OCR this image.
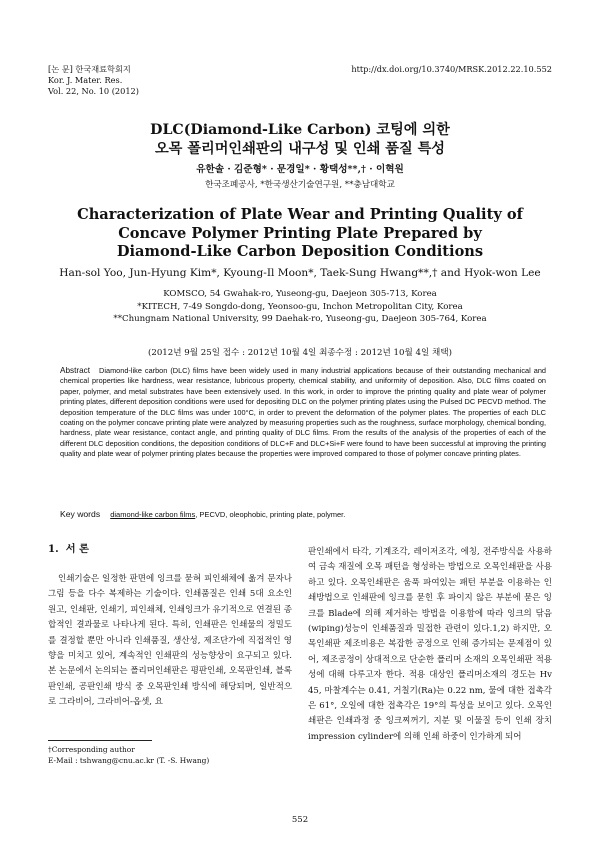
[논 문] 한국재료학회지
Kor. J. Mater. Res.
Vol. 22, No. 10 (2012)
http://dx.doi.org/10.3740/MRSK.2012.22.10.552
DLC(Diamond-Like Carbon) 코팅에 의한
오목 폴리머인쇄판의 내구성 및 인쇄 품질 특성
유한솔 · 김준형* · 문경일* · 황택성**,† · 이혁원
한국조폐공사, *한국생산기술연구원, **충남대학교
Characterization of Plate Wear and Printing Quality of
Concave Polymer Printing Plate Prepared by
Diamond-Like Carbon Deposition Conditions
Han-sol Yoo, Jun-Hyung Kim*, Kyoung-Il Moon*, Taek-Sung Hwang**,† and Hyok-won Lee
KOMSCO, 54 Gwahak-ro, Yuseong-gu, Daejeon 305-713, Korea
*KITECH, 7-49 Songdo-dong, Yeonsoo-gu, Inchon Metropolitan City, Korea
**Chungnam National University, 99 Daehak-ro, Yuseong-gu, Daejeon 305-764, Korea
(2012년 9월 25일 접수 : 2012년 10월 4일 최종수정 : 2012년 10월 4일 채택)
Abstract Diamond-like carbon (DLC) films have been widely used in many industrial applications because of their outstanding mechanical and chemical properties like hardness, wear resistance, lubricous property, chemical stability, and uniformity of deposition. Also, DLC films coated on paper, polymer, and metal substrates have been extensively used. In this work, in order to improve the printing quality and plate wear of polymer printing plates, different deposition conditions were used for depositing DLC on the polymer printing plates using the Pulsed DC PECVD method. The deposition temperature of the DLC films was under 100°C, in order to prevent the deformation of the polymer plates. The properties of each DLC coating on the polymer concave printing plate were analyzed by measuring properties such as the roughness, surface morphology, chemical bonding, hardness, plate wear resistance, contact angle, and printing quality of DLC films. From the results of the analysis of the properties of each of the different DLC deposition conditions, the deposition conditions of DLC+F and DLC+Si+F were found to have been successful at improving the printing quality and plate wear of polymer printing plates because the properties were improved compared to those of polymer concave printing plates.
Key words diamond-like carbon films, PECVD, oleophobic, printing plate, polymer.
1. 서 론

인쇄기술은 일정한 판면에 잉크를 묻혀 피인쇄체에 옮겨 문자나 그림 등을 다수 복제하는 기술이다. 인쇄품질은 인쇄 5대 요소인 원고, 인쇄판, 인쇄기, 피인쇄체, 인쇄잉크가 유기적으로 연결된 종합적인 결과물로 나타나게 된다. 특히, 인쇄판은 인쇄물의 정밀도를 결정할 뿐만 아니라 인쇄품질, 생산성, 제조단가에 직접적인 영향을 미치고 있어, 계속적인 인쇄판의 성능향상이 요구되고 있다. 본 논문에서 논의되는 폴리머인쇄판은 평판인쇄, 오목판인쇄, 블록판인쇄, 공판인쇄 방식 중 오목판인쇄 방식에 해당되며, 일반적으로 그라비어, 그라비어-옵셋, 요

판인쇄에서 타각, 기계조각, 레이저조각, 에칭, 전주방식을 사용하여 금속 재질에 오목 패턴을 형성하는 방법으로 오목인쇄판을 사용하고 있다. 오목인쇄판은 움푹 파여있는 패턴 부분을 이용하는 인쇄방법으로 인쇄판에 잉크를 묻힌 후 파이지 않은 부분에 묻은 잉크를 Blade에 의해 제거하는 방법을 이용함에 따라 잉크의 닦음(wiping)성능이 인쇄품질과 밀접한 관련이 있다.1,2) 하지만, 오목인쇄판 제조비용은 복잡한 공정으로 인해 증가되는 문제점이 있어, 제조공정이 상대적으로 단순한 폴리머 소재의 오목인쇄판 적용성에 대해 다루고자 한다. 적용 대상인 폴리머소재의 경도는 Hv 45, 마찰계수는 0.41, 거칠기(Ra)는 0.22 nm, 물에 대한 접촉각은 61°, 오일에 대한 접촉각은 19°의 특성을 보이고 있다. 오목인쇄판은 인쇄과정 중 잉크찌꺼기, 지분 및 이물질 등이 인쇄 장치 impression cylinder에 의해 인쇄 하중이 인가하게 되어

†Corresponding author
E-Mail : tshwang@cnu.ac.kr (T. -S. Hwang)
552
